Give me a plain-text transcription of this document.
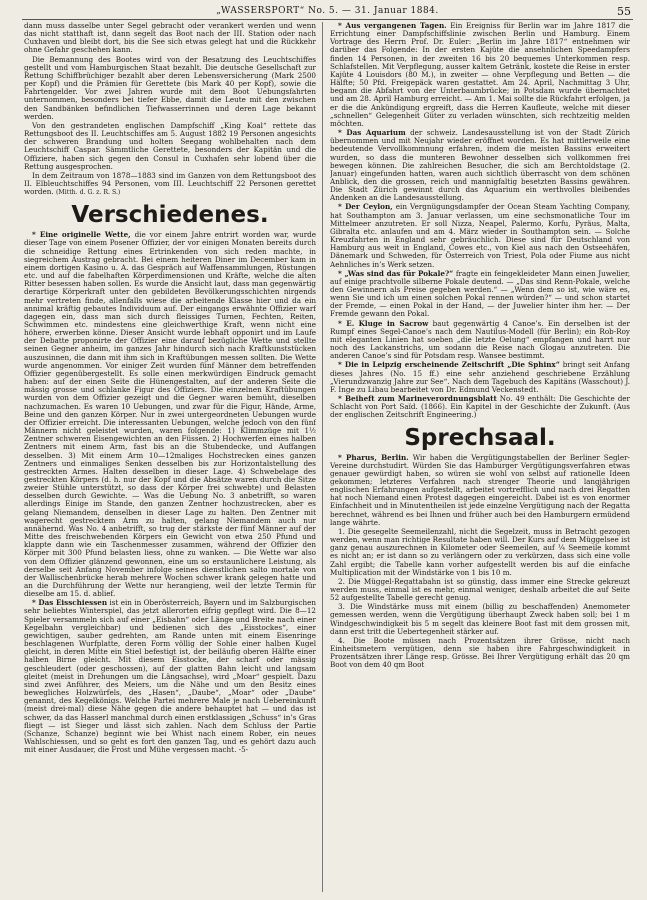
„WASSERSPORT“ No. 5. — 31. Januar 1884.	55

dann muss dasselbe unter Segel gebracht oder verankert werden und wenn das nicht statthaft ist, dann segelt das Boot nach der III. Station oder nach Cuxhaven und bleibt dort, bis die See sich etwas gelegt hat und die Rückkehr ohne Gefahr geschehen kann.

Die Bemannung des Bootes wird von der Besatzung des Leuchtschiffes gestellt und vom Hamburgischen Staat bezahlt. Die deutsche Gesellschaft zur Rettung Schiffbrüchiger bezahlt aber deren Lebensversicherung (Mark 2500 per Kopf) und die Prämien für Gerettete (bis Mark 40 per Kopf), sowie die Fahrtengelder. Vor zwei Jahren wurde mit dem Boot Uebungsfahrten unternommen, besonders bei tiefer Ebbe, damit die Leute mit den zwischen den Sandbänken befindlichen Tiefwasserrinnen und deren Lage bekannt werden.

Von den gestrandeten englischen Dampfschiff „King Koal“ rettete das Rettungsboot des II. Leuchtschiffes am 5. August 1882 19 Personen angesichts der schweren Brandung und holten Seegang wohlbehalten nach dem Leuchtschiff Caspar. Sämmtliche Gerettete, besonders der Kapitän und die Offiziere, haben sich gegen den Consul in Cuxhafen sehr lobend über die Rettung ausgesprochen.

In dem Zeitraum von 1878—1883 sind im Ganzen von dem Rettungsboot des II. Elbleuchtschiffes 94 Personen, vom III. Leuchtschiff 22 Personen gerettet worden. (Mitth. d. G. z. R. S.)

Verschiedenes.

* Eine originelle Wette, die vor einem Jahre entrirt worden war, wurde dieser Tage von einem Posener Offizier, der vor einigen Monaten bereits durch die schneidige Rettung eines Ertrinkenden von sich reden machte, in siegreichem Austrag gebracht. Bei einem heiteren Diner im December kam in einem dortigen Kasino u. A. das Gespräch auf Waffensammlungen, Rüstungen etc. und auf die fabelhaften Körperdimensionen und Kräfte, welche die alten Ritter besessen haben sollen. Es wurde die Ansicht laut, dass man gegenwärtig derartige Körperkraft unter den gebildeten Bevölkerungsschichten nirgends mehr vertreten finde, allenfalls wiese die arbeitende Klasse hier und da ein annimal kräftig gebautes Individuum auf. Der eingangs erwähnte Offizier warf dagegen ein, dass man sich durch fleissiges Turnen, Fechten, Reiten, Schwimmen etc. mindestens eine gleichwerthige Kraft, wenn nicht eine höhere, erwerben könne. Dieser Ansicht wurde lebhaft opponirt und im Laufe der Debatte proponirte der Offizier eine darauf bezügliche Wette und stellte seinen Gegner anheim, im ganzes Jahr hindurch sich nach Kraftkunststücken auszusinnen, die dann mit ihm sich in Kraftübungen messen sollten. Die Wette wurde angenommen. Vor einiger Zeit wurden fünf Männer dem betreffenden Offizier gegenübergestellt. Es solle einen merkwürdigen Eindruck gemacht haben: auf der einen Seite die Hünengestalten, auf der anderen Seite die mässig grosse und schlanke Figur des Offiziers. Die einzelnen Kraftübungen wurden von dem Offizier gezeigt und die Gegner waren bemüht, dieselben nachzumachen. Es waren 10 Uebungen, und zwar für die Figur, Hände, Arme, Beine und den ganzen Körper. Nur in zwei untergeordneten Uebungen wurde der Offizier erreicht. Die interessanten Uebungen, welche jedoch von den fünf Männern nicht geleistet wurden, waren folgende: 1) Klimmzüge mit 1½ Zentner schweren Eisengewichten an den Füssen. 2) Hochwerfen eines halben Zentners mit einem Arm, fast bis an die Stubendecke, und Auffangen desselben. 3) Mit einem Arm 10—12maliges Hochstrecken eines ganzen Zentners und einmaliges Senken desselben bis zur Horizontalstellung des gestreckten Armes. Halten desselben in dieser Lage. 4) Schwebelage des gestreckten Körpers (d. h. nur der Kopf und die Absätze waren durch die Sitze zweier Stühle unterstützt, so dass der Körper frei schwebte) und Belasten desselben durch Gewichte. — Was die Uebung No. 3 anbetrifft, so waren allerdings Einige im Stande, den ganzen Zentner hochzustrecken, aber es gelang Niemandem, denselben in dieser Lage zu halten. Den Zentner mit wagerecht gestrecktem Arm zu halten, gelang Niemandem auch nur annähernd. Was No. 4 anbetrifft, so trug der stärkste der fünf Männer auf der Mitte des freischwebenden Körpers ein Gewicht von etwa 250 Pfund und klappte dann wie ein Taschenmesser zusammen, während der Offizier den Körper mit 300 Pfund belasten liess, ohne zu wanken. — Die Wette war also von dem Offizier glänzend gewonnen, eine um so erstaunlichere Leistung, als derselbe seit Anfang November infolge seines dienstlichen salto mortale von der Wallischenbrücke herab mehrere Wochen schwer krank gelegen hatte und an die Durchführung der Wette nur herangieng, weil der letzte Termin für dieselbe am 15. d. ablief.

* Das Eisschiessen ist ein in Oberösterreich, Bayern und im Salzburgischen sehr beliebtes Winterspiel, das jetzt allerorten eifrig gepflegt wird. Die 8—12 Spieler versammeln sich auf einer „Eisbahn“ oder Länge und Breite nach einer Kegelbahn vergleichbar) und bedienen sich des „Eisstockes“, einer gewichtigen, sauber gedrehten, am Rande unten mit einem Eisenringe beschlagenen Wurfplatte, deren Form völlig der Sohle einer halben Kugel gleicht, in deren Mitte ein Stiel befestigt ist, der beiläufig oberen Hälfte einer halben Birne gleicht. Mit diesem Eisstocke, der scharf oder mässig geschleudert (oder geschossen), auf der glatten Bahn leicht und langsam gleitet (meist in Drehungen um die Längsachse), wird „Moar“ gespielt. Dazu sind zwei Anführer, des Meiers, um die Nähe und um den Besitz eines bewegliches Holzwürfels, des „Hasen“, „Daube“, „Moar“ oder „Daube“ genannt, des Kegelkönigs. Welche Partei mehrere Male je nach Uebereinkunft (meist drei-mal) diese Nähe gegen die andere behauptet hat — und das ist schwer, da das Hasserl manchmal durch einen erstklassigen „Schuss“ in’s Gras fliegt — ist Sieger und lässt sich zahlen. Nach dem Schluss der Partie (Schanze, Schanze) beginnt wie bei Whist nach einem Rober, ein neues Wahlschiessen, und so geht es fort den ganzen Tag, und es gehört dazu auch mit einer Ausdauer, die Frost und Mühe vergessen macht. -5-

* Aus vergangenen Tagen. Ein Ereigniss für Berlin war im Jahre 1817 die Errichtung einer Dampfschiffslinie zwischen Berlin und Hamburg. Einem Vortrage des Herrn Prof. Dr. Euler: „Berlin im Jahre 1817“ entnehmen wir darüber das Folgende: In der ersten Kajüte die ansehnlichen Speedampfers finden 14 Personen, in der zweiten 16 bis 20 bequemes Unterkommen resp. Schlafstellen. Mit Verpflegung, ausser kaltem Getränk, kostete die Reise in erster Kajüte 4 Louisdors (80 M.), in zweiter — ohne Verpflegung und Betten — die Hälfte; 50 Pfd. Freigepäck waren gestattet. Am 24. April, Nachmittag 3 Uhr, begann die Abfahrt von der Unterbaumbrücke; in Potsdam wurde übernachtet und am 28. April Hamburg erreicht. — Am 1. Mai sollte die Rückfahrt erfolgen, ja er die die Ankündigung ergreift, dass die Herren Kaufleute, welche mit dieser „schnellen“ Gelegenheit Güter zu verladen wünschten, sich rechtzeitig melden möchten.

* Das Aquarium der schweiz. Landesausstellung ist von der Stadt Zürich übernommen und mit Neujahr wieder eröffnet worden. Es hat mittlerweile eine bedeutende Vervollkommnung erfahren, indem die meisten Bassins erweitert wurden, so dass die munteren Bewohner desselben sich vollkommen frei bewegen können. Die zahlreichen Besucher, die sich am Berchtoldstage (2. Januar) eingefunden hatten, waren auch sichtlich überrascht von dem schönen Anblick, den die grossen, reich und mannigfaltig besetzten Bassins gewähren. Die Stadt Zürich gewinnt durch das Aquarium ein werthvolles bleibendes Andenken an die Landesausstellung.

* Der Ceylon, ein Vergnügungsdampfer der Ocean Steam Yachting Company, hat Southampton am 3. Januar verlassen, um eine sechsmonatliche Tour im Mittelmeer anzutreten. Er soll Nizza, Neapel, Palermo, Korfu, Pyräus, Malta, Gibralta etc. anlaufen und am 4. März wieder in Southampton sein. — Solche Kreuzfahrten in England sehr gebräuchlich. Diese sind für Deutschland von Hamburg aus weit in England, Cowes etc., von Kiel aus nach den Ostseehäfen, Dänemark und Schweden, für Österreich von Triest, Pola oder Fiume aus nicht Aehnliches in’s Werk setzen.

* „Was sind das für Pokale?“ fragte ein feingekleideter Mann einen Juwelier, auf einige prachtvolle silberne Pokale deutend. — „Das sind Renn-Pokale, welche den Gewinnern als Preise gegeben werden.“ — „Wenn dem so ist, wie wäre es, wenn Sie und ich um einen solchen Pokal rennen würden?“ — und schon startet der Fremde, — einen Pokal in der Hand, — der Juwelier hinter ihm her. — Der Fremde gewann den Pokal.

* E. Kluge in Sacrow baut gegenwärtig 4 Canoe’s. Ein derselben ist der Rumpf eines Segel-Canoe’s nach dem Nautilus-Modell (für Berlin); ein Rob-Roy mit eleganten Linien hat soeben „die letzte Oelung“ empfangen und harrt nur noch des Lackanstrichs, um sodann die Reise nach Glogau anzutreten. Die anderen Canoe’s sind für Potsdam resp. Wansee bestimmt.

* Die in Leipzig erscheinende Zeitschrift „Die Sphinx“ bringt seit Anfang dieses Jahres (No. 15 ff.) eine sehr anziehend geschriebene Erzählung „Vierundzwanzig Jahre zur See“. Nach dem Tagebuch des Kapitäns (Wasschout) J. F. Inge zu Libau bearbeitet von Dr. Edmund Veckenstedt.

* Beiheft zum Marineverordnungsblatt No. 49 enthält: Die Geschichte der Schlacht von Port Saïd. (1866). Ein Kapitel in der Geschichte der Zukunft. (Aus der englischen Zeitschrift Engineering.)

Sprechsaal.

* Pharus, Berlin. Wir haben die Vergütigungstabellen der Berliner Segler-Vereine durchstudirt. Würden Sie das Hamburger Vergütigungsverfahren etwas genauer gewürdigt haben, so würen sie wohl von selbst auf rationelle Ideen gekommen; letzteres Verfahren nach strenger Theorie und langjährigen englischen Erfahrungen aufgestellt, arbeitet vortrefflich und nach drei Regatten hat noch Niemand einen Protest dagegen eingereicht. Dabei ist es von enormer Einfachheit und in Minutentheilen ist jede einzelne Vergütigung nach der Regatta berechnet, während es bei Ihnen und früher auch bei den Hamburgern ermüdend lange währte.

1. Die gesegelte Seemeilenzahl, nicht die Segelzeit, muss in Betracht gezogen werden, wenn man richtige Resultate haben will. Der Kurs auf dem Müggelsee ist ganz genau auszurechnen in Kilometer oder Seemeilen, auf ¼ Seemeile kommt es nicht an; er ist dann so zu verlängern oder zu verkürzen, dass sich eine volle Zahl ergibt; die Tabelle kann vorher aufgestellt werden bis auf die einfache Multiplication mit der Windstärke von 1 bis 10 m.

2. Die Müggel-Regattabahn ist so günstig, dass immer eine Strecke gekreuzt werden muss, einmal ist es mehr, einmal weniger, deshalb arbeitet die auf Seite 52 aufgestellte Tabelle gerecht genug.

3. Die Windstärke muss mit einem (billig zu beschaffenden) Anemometer gemessen werden, wenn die Vergütigung überhaupt Zweck haben soll; bei 1 m Windgeschwindigkeit bis 5 m segelt das kleinere Boot fast mit dem grossen mit, dann erst tritt die Uebertegenheit stärker auf.

4. Die Boote müssen nach Prozentsätzen ihrer Grösse, nicht nach Einheitsmetern vergütigen, denn sie haben ihre Fahrgeschwindigkeit in Prozentsätzen ihrer Länge resp. Grösse. Bei Ihrer Vergütigung erhält das 20 qm Boot von dem 40 qm Boot
